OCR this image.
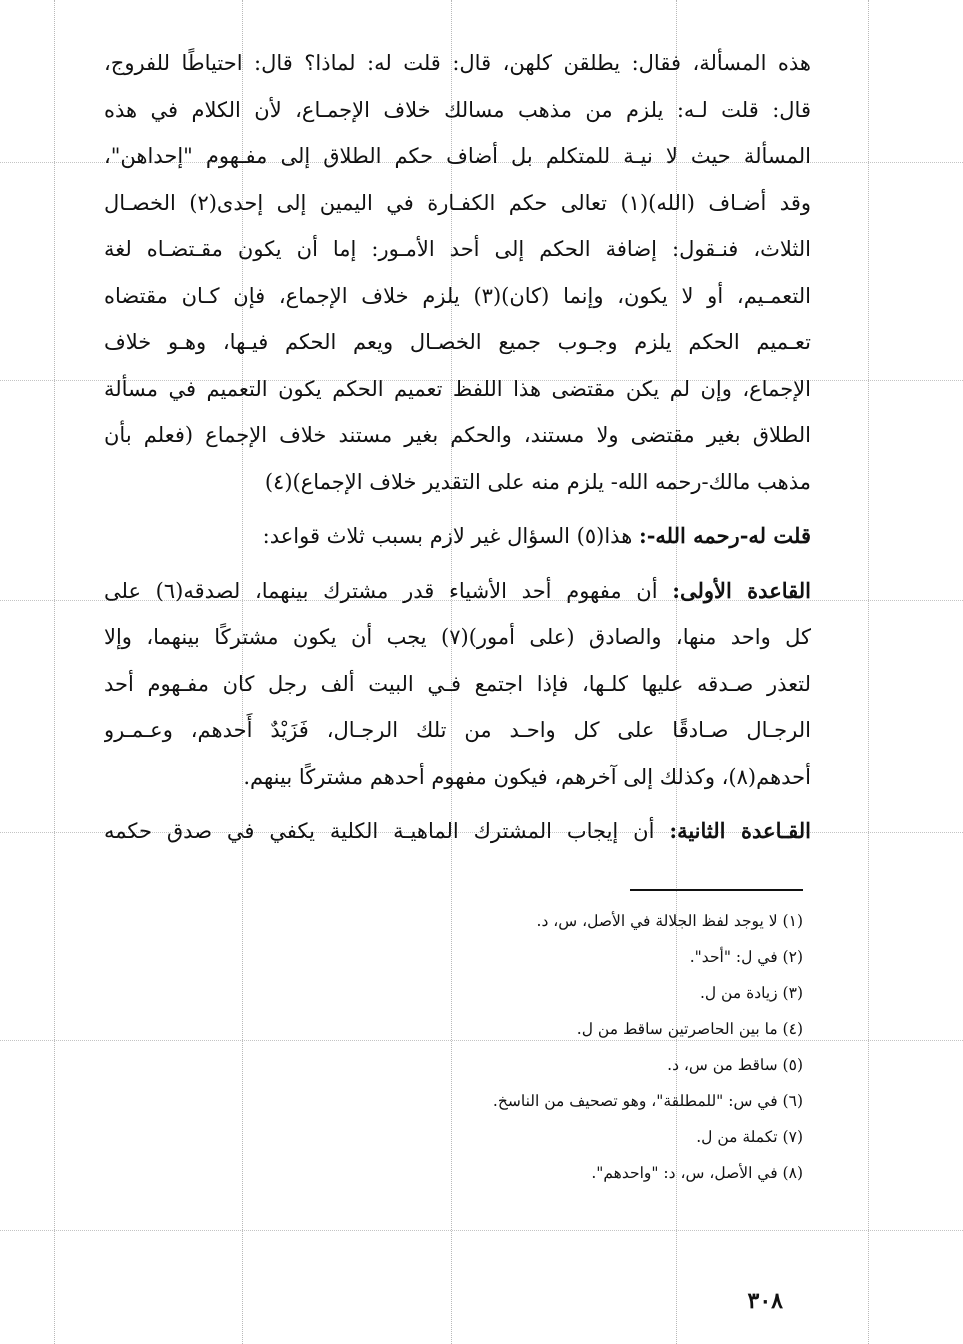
هذه المسألة، فقال: يطلقن كلهن، قال: قلت له: لماذا؟ قال: احتياطًا للفروج،
قال: قلت لـه: يلزم من مذهب مسالك خلاف الإجمـاع، لأن الكلام في هذه
المسألة حيث لا نيـة للمتكلم بل أضاف حكم الطلاق إلى مفـهوم "إحداهن"،
وقد أضـاف (الله)(١) تعالى حكم الكفـارة في اليمين إلى إحدى(٢) الخصـال
الثلاث، فنـقول: إضافة الحكم إلى أحد الأمـور: إما أن يكون مقـتضـاه لغة
التعمـيم، أو لا يكون، وإنما (كان)(٣) يلزم خلاف الإجماع، فإن كـان مقتضاه
تعـميم الحكم يلزم وجـوب جميع الخصـال ويعم الحكم فيـها، وهـو خلاف
الإجماع، وإن لم يكن مقتضى هذا اللفظ تعميم الحكم يكون التعميم في مسألة
الطلاق بغير مقتضى ولا مستند، والحكم بغير مستند خلاف الإجماع (فعلم بأن
مذهب مالك-رحمه الله- يلزم منه على التقدير خلاف الإجماع)(٤)
قلت له-رحمه الله-: هذا(٥) السؤال غير لازم بسبب ثلاث قواعد:
القاعدة الأولى: أن مفهوم أحد الأشياء قدر مشترك بينهما، لصدقه(٦) على
كل واحد منها، والصادق (على أمور)(٧) يجب أن يكون مشتركًا بينهما، وإلا
لتعذر صـدقه عليها كلـها، فإذا اجتمع فـي البيت ألف رجل كان مفـهوم أحد
الرجـال صـادقًا على كل واحـد من تلك الرجـال، فَزَيْدٌ أَحدهم، وعـمـرو
أحدهم(٨)، وكذلك إلى آخرهم، فيكون مفهوم أحدهم مشتركًا بينهم.
القـاعدة الثانية: أن إيجاب المشترك الماهيـة الكلية يكفي في صدق حكمه
(١) لا يوجد لفظ الجلالة في الأصل، س، د.
(٢) في ل: "أحد".
(٣) زيادة من ل.
(٤) ما بين الحاصرتين ساقط من ل.
(٥) ساقط من س، د.
(٦) في س: "للمطلقة"، وهو تصحيف من الناسخ.
(٧) تكملة من ل.
(٨) في الأصل، س، د: "واحدهم".
٣٠٨
